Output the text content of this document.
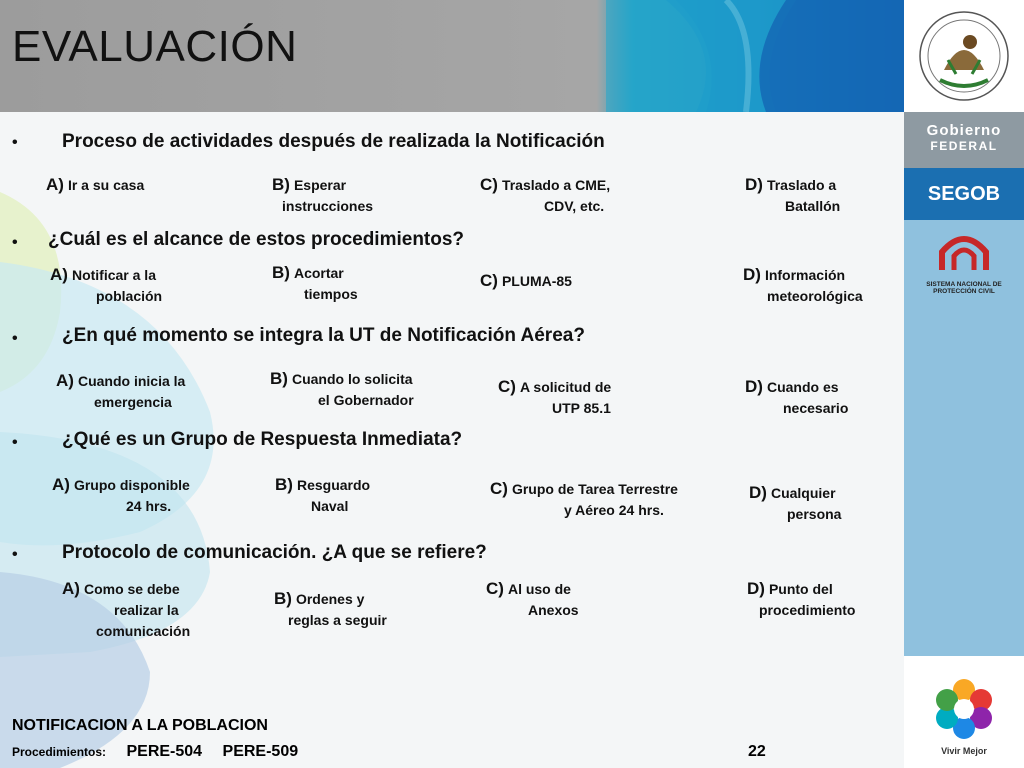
EVALUACIÓN
Gobierno
FEDERAL
SEGOB
SISTEMA NACIONAL DE PROTECCIÓN CIVIL
Vivir Mejor
• Proceso de actividades después de realizada la Notificación
A) Ir a su casa	B) Esperar
instrucciones
C) Traslado a CME,
CDV, etc.
D) Traslado a
Batallón
• ¿Cuál es el alcance de estos procedimientos?
A) Notificar a la
población
B) Acortar
tiempos
C) PLUMA-85	D) Información
meteorológica
• ¿En qué momento se integra la UT de Notificación Aérea?
A) Cuando inicia la
emergencia
B) Cuando lo solicita
el Gobernador
C) A solicitud de
UTP 85.1
D) Cuando es
necesario
• ¿Qué es un Grupo de Respuesta Inmediata?
A) Grupo disponible
24 hrs.
B) Resguardo
Naval
C) Grupo de Tarea Terrestre
y Aéreo 24 hrs.
D) Cualquier
persona
• Protocolo de comunicación. ¿A que se refiere?
A) Como se debe
realizar la
comunicación
B) Ordenes y
reglas a seguir
C) Al uso de
Anexos
D) Punto del
procedimiento
NOTIFICACION A LA POBLACION
Procedimientos: PERE-504 PERE-509	22
